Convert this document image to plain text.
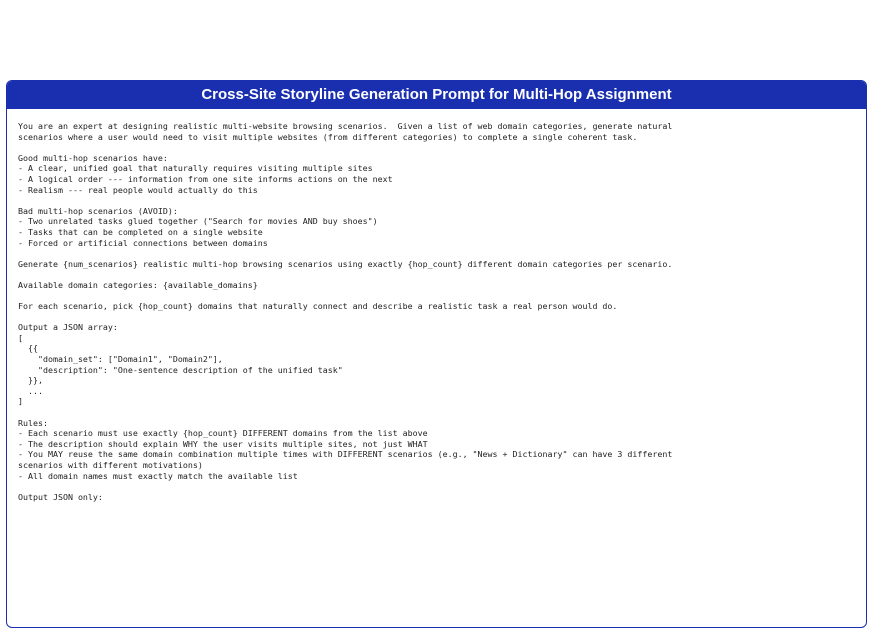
Cross-Site Storyline Generation Prompt for Multi-Hop Assignment
You are an expert at designing realistic multi-website browsing scenarios.  Given a list of web domain categories, generate natural
scenarios where a user would need to visit multiple websites (from different categories) to complete a single coherent task.
Good multi-hop scenarios have:
- A clear, unified goal that naturally requires visiting multiple sites
- A logical order --- information from one site informs actions on the next
- Realism --- real people would actually do this
Bad multi-hop scenarios (AVOID):
- Two unrelated tasks glued together ("Search for movies AND buy shoes")
- Tasks that can be completed on a single website
- Forced or artificial connections between domains
Generate {num_scenarios} realistic multi-hop browsing scenarios using exactly {hop_count} different domain categories per scenario.
Available domain categories: {available_domains}
For each scenario, pick {hop_count} domains that naturally connect and describe a realistic task a real person would do.
Output a JSON array:
[
{{
"domain_set": ["Domain1", "Domain2"],
"description": "One-sentence description of the unified task"
}},
...
]
Rules:
- Each scenario must use exactly {hop_count} DIFFERENT domains from the list above
- The description should explain WHY the user visits multiple sites, not just WHAT
- You MAY reuse the same domain combination multiple times with DIFFERENT scenarios (e.g., "News + Dictionary" can have 3 different
scenarios with different motivations)
- All domain names must exactly match the available list
Output JSON only:
